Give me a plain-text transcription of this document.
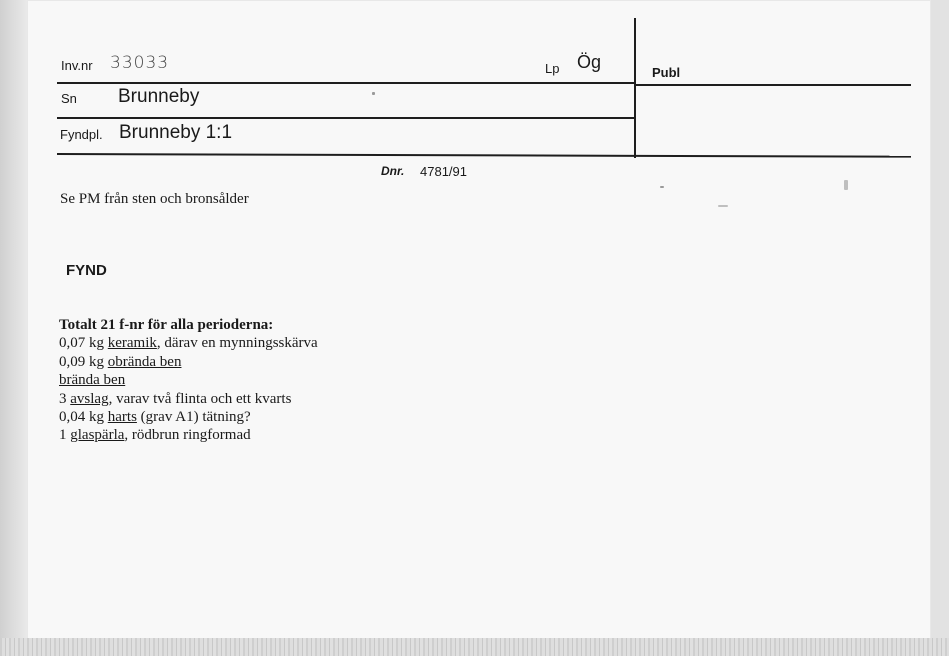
Inv.nr 33033	Lp Ög
Publ
Sn Brunneby
Fyndpl. Brunneby 1:1
Dnr. 4781/91
Se PM från sten och bronsålder
FYND
Totalt 21 f-nr för alla perioderna:
0,07 kg keramik, därav en mynningsskärva
0,09 kg obrända ben
brända ben
3 avslag, varav två flinta och ett kvarts
0,04 kg harts (grav A1) tätning?
1 glaspärla, rödbrun ringformad
